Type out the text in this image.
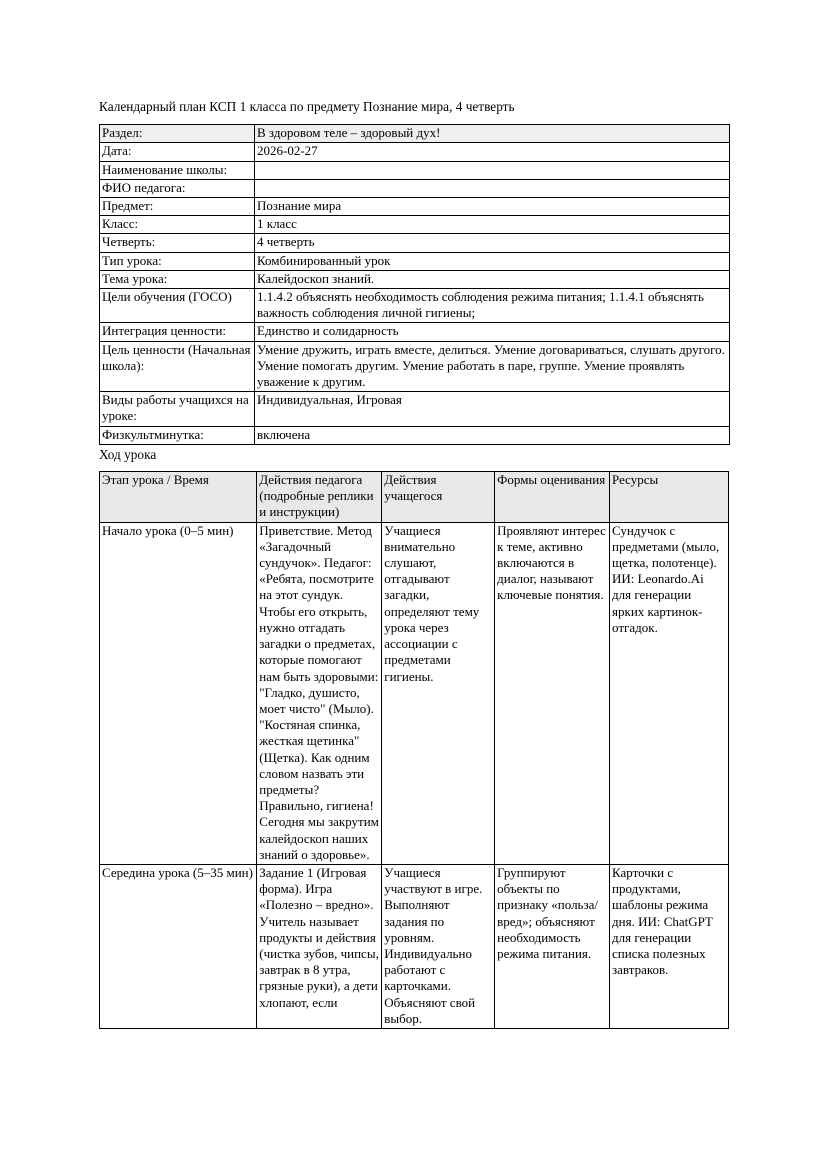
Календарный план КСП 1 класса по предмету Познание мира, 4 четверть

Раздел:	В здоровом теле – здоровый дух!
Дата:	2026-02-27
Наименование школы:	
ФИО педагога:	
Предмет:	Познание мира
Класс:	1 класс
Четверть:	4 четверть
Тип урока:	Комбинированный урок
Тема урока:	Калейдоскоп знаний.
Цели обучения (ГОСО)	1.1.4.2 объяснять необходимость соблюдения режима питания; 1.1.4.1 объяснять важность соблюдения личной гигиены;
Интеграция ценности:	Единство и солидарность
Цель ценности (Начальная школа):	Умение дружить, играть вместе, делиться. Умение договариваться, слушать другого. Умение помогать другим. Умение работать в паре, группе. Умение проявлять уважение к другим.
Виды работы учащихся на уроке:	Индивидуальная, Игровая
Физкультминутка:	включена

Ход урока

Этап урока / Время	Действия педагога (подробные реплики и инструкции)	Действия учащегося	Формы оценивания	Ресурсы
Начало урока (0–5 мин)	Приветствие. Метод «Загадочный сундучок». Педагог: «Ребята, посмотрите на этот сундук. Чтобы его открыть, нужно отгадать загадки о предметах, которые помогают нам быть здоровыми: "Гладко, душисто, моет чисто" (Мыло). "Костяная спинка, жесткая щетинка" (Щетка). Как одним словом назвать эти предметы? Правильно, гигиена! Сегодня мы закрутим калейдоскоп наших знаний о здоровье».	Учащиеся внимательно слушают, отгадывают загадки, определяют тему урока через ассоциации с предметами гигиены.	Проявляют интерес к теме, активно включаются в диалог, называют ключевые понятия.	Сундучок с предметами (мыло, щетка, полотенце). ИИ: Leonardo.Ai для генерации ярких картинок-отгадок.
Середина урока (5–35 мин)	Задание 1 (Игровая форма). Игра «Полезно – вредно». Учитель называет продукты и действия (чистка зубов, чипсы, завтрак в 8 утра, грязные руки), а дети хлопают, если	Учащиеся участвуют в игре. Выполняют задания по уровням. Индивидуально работают с карточками. Объясняют свой выбор.	Группируют объекты по признаку «польза/вред»; объясняют необходимость режима питания.	Карточки с продуктами, шаблоны режима дня. ИИ: ChatGPT для генерации списка полезных завтраков.
